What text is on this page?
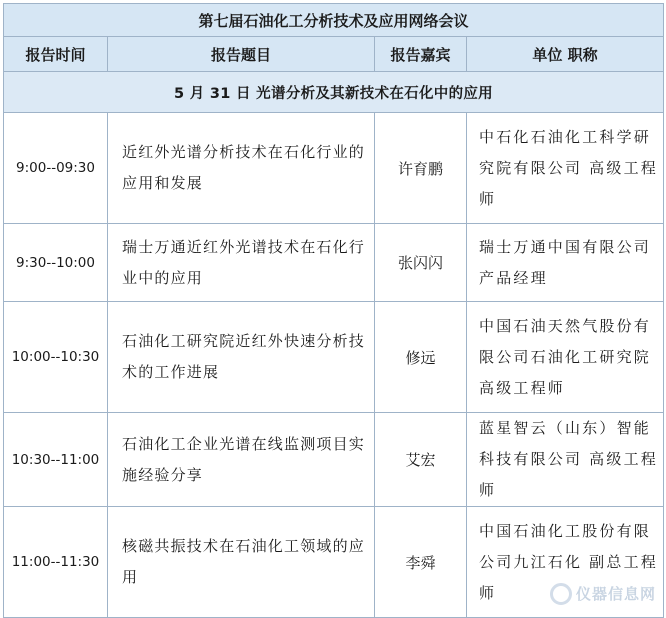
第七届石油化工分析技术及应用网络会议			
报告时间	报告题目	报告嘉宾	单位 职称
5 月 31 日 光谱分析及其新技术在石化中的应用			
9:00--09:30	近红外光谱分析技术在石化行业的应用和发展	许育鹏	中石化石油化工科学研究院有限公司 高级工程师
9:30--10:00	瑞士万通近红外光谱技术在石化行业中的应用	张闪闪	瑞士万通中国有限公司 产品经理
10:00--10:30	石油化工研究院近红外快速分析技术的工作进展	修远	中国石油天然气股份有限公司石油化工研究院 高级工程师
10:30--11:00	石油化工企业光谱在线监测项目实施经验分享	艾宏	蓝星智云（山东）智能科技有限公司 高级工程师
11:00--11:30	核磁共振技术在石油化工领域的应用	李舜	中国石油化工股份有限公司九江石化 副总工程师	仪器信息网
